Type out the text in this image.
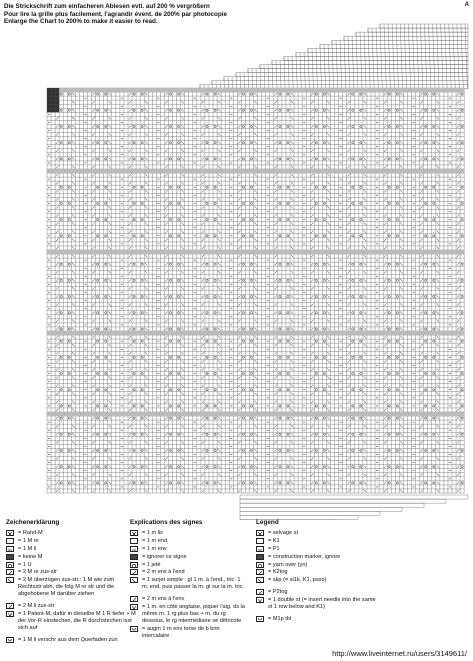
Die Strickschrift zum einfacheren Ablesen evtl. auf 200 % vergrößern
Pour lire la grille plus facilement, l'agrandir évent. de 200% par photocopie
Enlarge the Chart to 200% to make it easier to read.
A
Zeichenerklärung
= Rand-M
= 1 M re
= 1 M li
= keine M
= 1 U
= 2 M re zus-str
= 2 M überzogen zus-str.: 1 M wie zum Rechtsstr abh, die folg M re str und die abgehobene M darüber ziehen
= 2 M li zus-str
= 1 Patent-M, dafür in dieselbe M 1 R tiefer + M der Vor-R einstechen, die R durchstechen lsst sich auf
= 1 M li verschr aus dem Querfaden zun
Explications des signes
= 1 m lis
= 1 m end
= 1 m env
= ignorer ce signe
= 1 jeté
= 2 m ens à l'end
= 1 surjet simple : gl 1 m. à l'end., tric. 1 m. end. puis passer la m. gl sur la m. tric.
= 2 m ens à l'env
= 1 m. en côte anglaise, piquer l'aig. ds la même m. 1 rg plus bas + m. du rg dessous, le rg intermédiaire se détricote
= augm 1 m env torse de b brin intercalaire
Legend
= selvage st
= K1
= P1
= construction marker, ignore
= yarn over (yo)
= K2tog
= skp (= sl1k, K1, psso)
= P2tog
= 1 double st (= insert needle into the same st 1 row below and K1)
= M1p tbl
http://www.liveinternet.ru/users/3149611/
